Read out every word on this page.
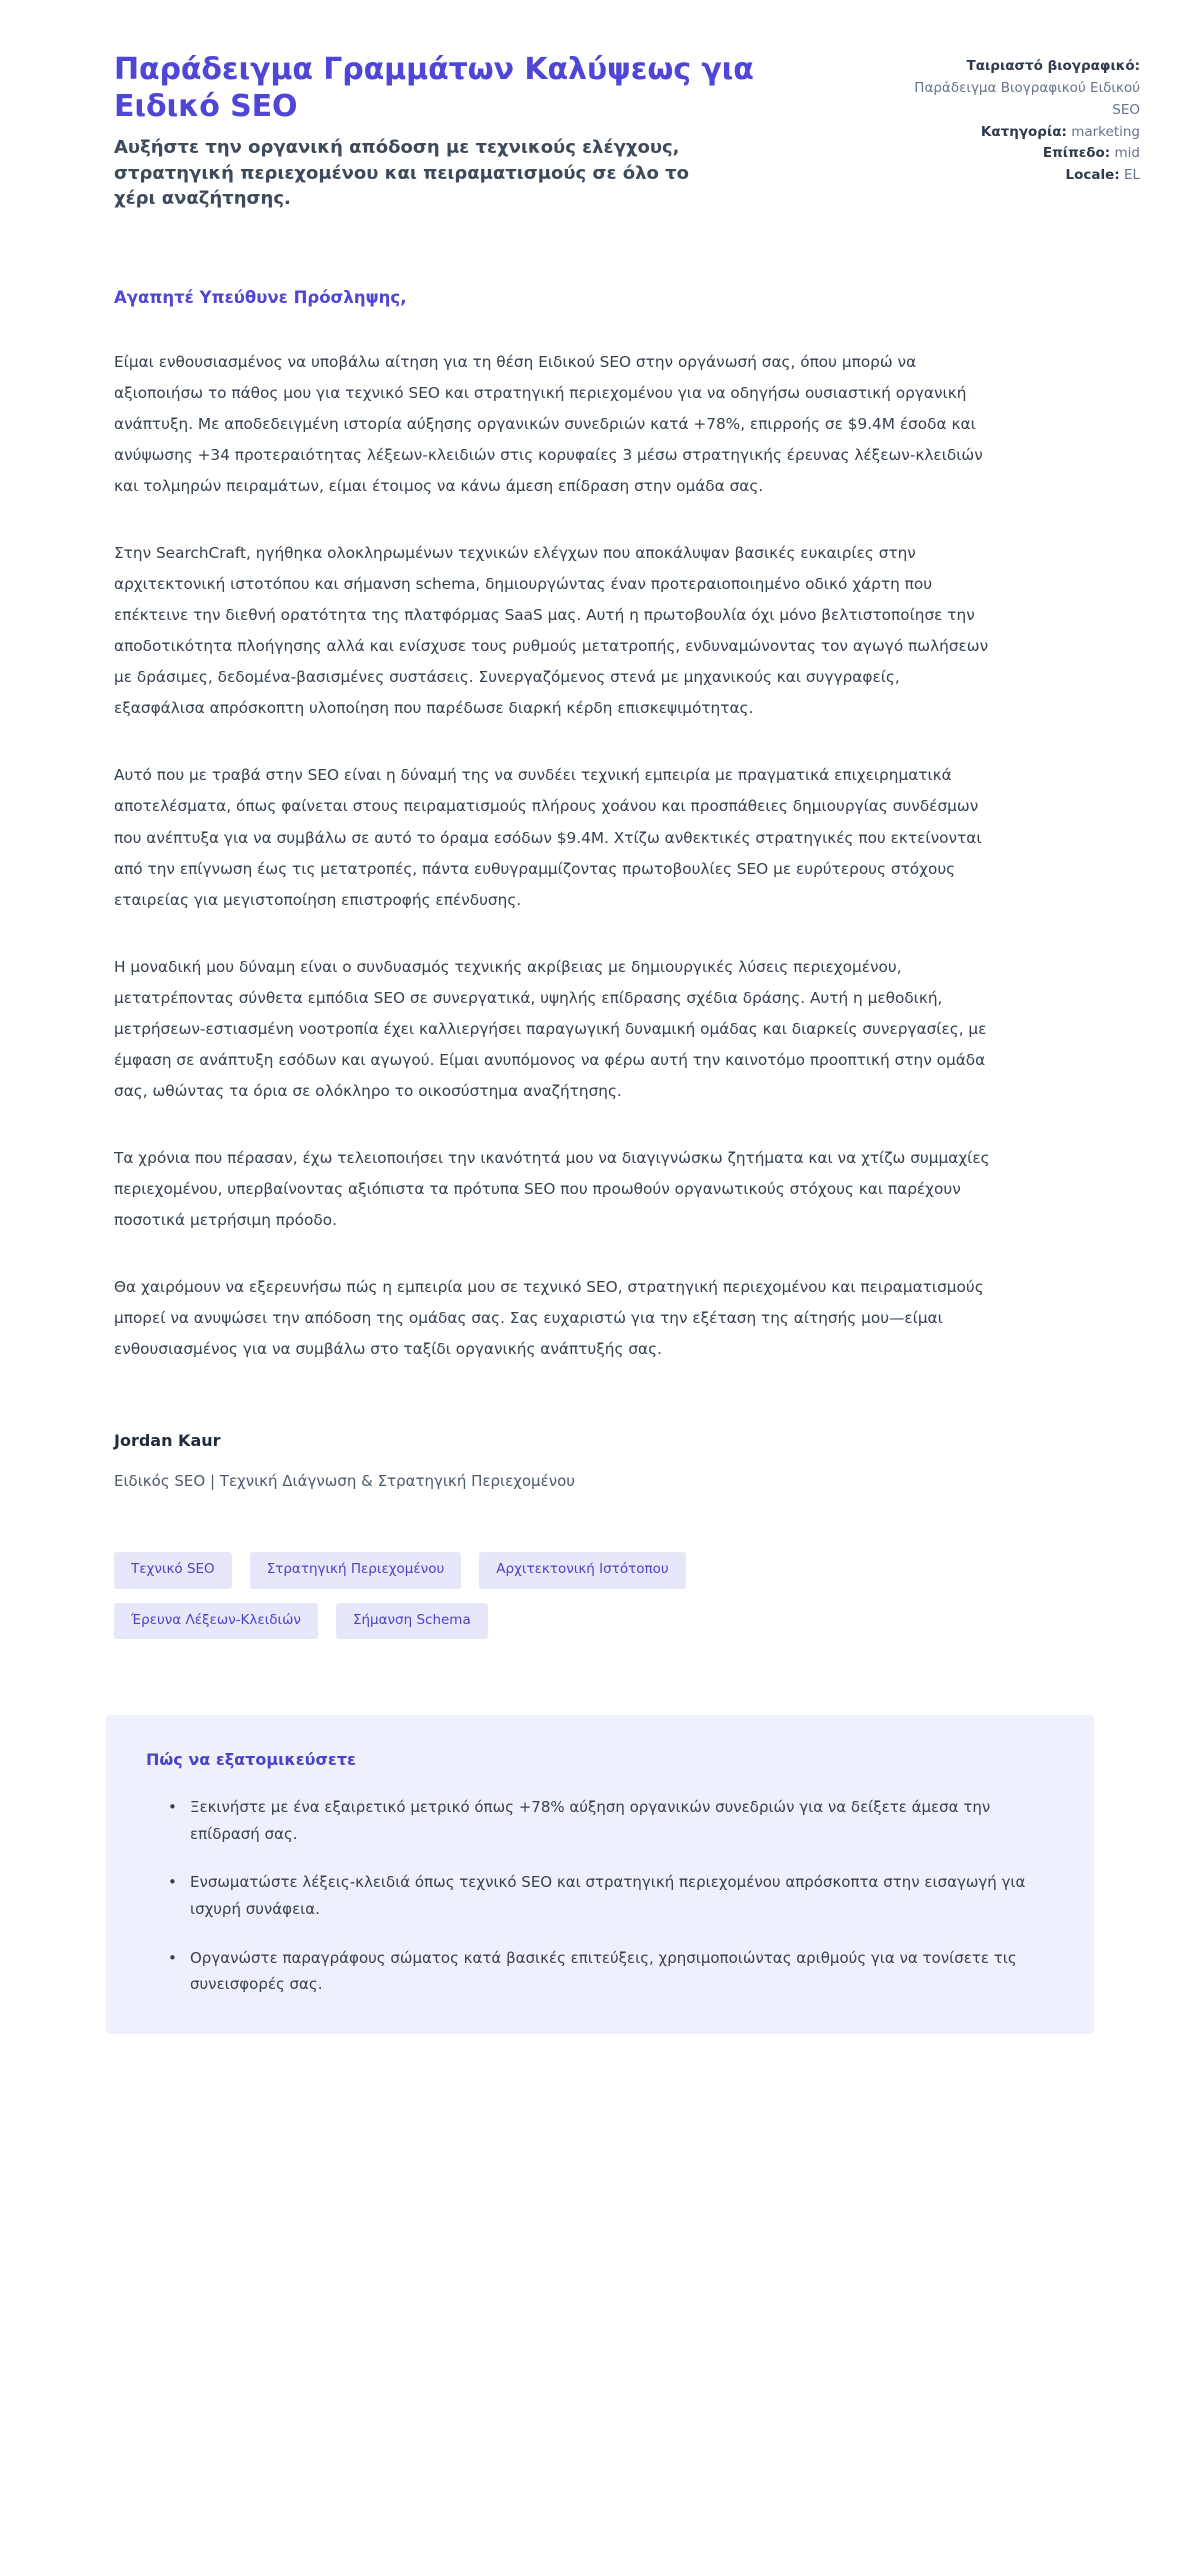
Παράδειγμα Γραμμάτων Καλύψεως για Ειδικό SEO

Αυξήστε την οργανική απόδοση με τεχνικούς ελέγχους, στρατηγική περιεχομένου και πειραματισμούς σε όλο το χέρι αναζήτησης.

Ταιριαστό βιογραφικό: Παράδειγμα Βιογραφικού Ειδικού SEO
Κατηγορία: marketing
Επίπεδο: mid
Locale: EL

Αγαπητέ Υπεύθυνε Πρόσληψης,

Είμαι ενθουσιασμένος να υποβάλω αίτηση για τη θέση Ειδικού SEO στην οργάνωσή σας, όπου μπορώ να αξιοποιήσω το πάθος μου για τεχνικό SEO και στρατηγική περιεχομένου για να οδηγήσω ουσιαστική οργανική ανάπτυξη. Με αποδεδειγμένη ιστορία αύξησης οργανικών συνεδριών κατά +78%, επιρροής σε $9.4M έσοδα και ανύψωσης +34 προτεραιότητας λέξεων-κλειδιών στις κορυφαίες 3 μέσω στρατηγικής έρευνας λέξεων-κλειδιών και τολμηρών πειραμάτων, είμαι έτοιμος να κάνω άμεση επίδραση στην ομάδα σας.

Στην SearchCraft, ηγήθηκα ολοκληρωμένων τεχνικών ελέγχων που αποκάλυψαν βασικές ευκαιρίες στην αρχιτεκτονική ιστοτόπου και σήμανση schema, δημιουργώντας έναν προτεραιοποιημένο οδικό χάρτη που επέκτεινε την διεθνή ορατότητα της πλατφόρμας SaaS μας. Αυτή η πρωτοβουλία όχι μόνο βελτιστοποίησε την αποδοτικότητα πλοήγησης αλλά και ενίσχυσε τους ρυθμούς μετατροπής, ενδυναμώνοντας τον αγωγό πωλήσεων με δράσιμες, δεδομένα-βασισμένες συστάσεις. Συνεργαζόμενος στενά με μηχανικούς και συγγραφείς, εξασφάλισα απρόσκοπτη υλοποίηση που παρέδωσε διαρκή κέρδη επισκεψιμότητας.

Αυτό που με τραβά στην SEO είναι η δύναμή της να συνδέει τεχνική εμπειρία με πραγματικά επιχειρηματικά αποτελέσματα, όπως φαίνεται στους πειραματισμούς πλήρους χοάνου και προσπάθειες δημιουργίας συνδέσμων που ανέπτυξα για να συμβάλω σε αυτό το όραμα εσόδων $9.4M. Χτίζω ανθεκτικές στρατηγικές που εκτείνονται από την επίγνωση έως τις μετατροπές, πάντα ευθυγραμμίζοντας πρωτοβουλίες SEO με ευρύτερους στόχους εταιρείας για μεγιστοποίηση επιστροφής επένδυσης.

Η μοναδική μου δύναμη είναι ο συνδυασμός τεχνικής ακρίβειας με δημιουργικές λύσεις περιεχομένου, μετατρέποντας σύνθετα εμπόδια SEO σε συνεργατικά, υψηλής επίδρασης σχέδια δράσης. Αυτή η μεθοδική, μετρήσεων-εστιασμένη νοοτροπία έχει καλλιεργήσει παραγωγική δυναμική ομάδας και διαρκείς συνεργασίες, με έμφαση σε ανάπτυξη εσόδων και αγωγού. Είμαι ανυπόμονος να φέρω αυτή την καινοτόμο προοπτική στην ομάδα σας, ωθώντας τα όρια σε ολόκληρο το οικοσύστημα αναζήτησης.

Τα χρόνια που πέρασαν, έχω τελειοποιήσει την ικανότητά μου να διαγιγνώσκω ζητήματα και να χτίζω συμμαχίες περιεχομένου, υπερβαίνοντας αξιόπιστα τα πρότυπα SEO που προωθούν οργανωτικούς στόχους και παρέχουν ποσοτικά μετρήσιμη πρόοδο.

Θα χαιρόμουν να εξερευνήσω πώς η εμπειρία μου σε τεχνικό SEO, στρατηγική περιεχομένου και πειραματισμούς μπορεί να ανυψώσει την απόδοση της ομάδας σας. Σας ευχαριστώ για την εξέταση της αίτησής μου—είμαι ενθουσιασμένος για να συμβάλω στο ταξίδι οργανικής ανάπτυξής σας.

Jordan Kaur

Ειδικός SEO | Τεχνική Διάγνωση & Στρατηγική Περιεχομένου

Τεχνικό SEO	Στρατηγική Περιεχομένου	Αρχιτεκτονική Ιστότοπου
Έρευνα Λέξεων-Κλειδιών	Σήμανση Schema

Πώς να εξατομικεύσετε

• Ξεκινήστε με ένα εξαιρετικό μετρικό όπως +78% αύξηση οργανικών συνεδριών για να δείξετε άμεσα την επίδρασή σας.
• Ενσωματώστε λέξεις-κλειδιά όπως τεχνικό SEO και στρατηγική περιεχομένου απρόσκοπτα στην εισαγωγή για ισχυρή συνάφεια.
• Οργανώστε παραγράφους σώματος κατά βασικές επιτεύξεις, χρησιμοποιώντας αριθμούς για να τονίσετε τις συνεισφορές σας.
